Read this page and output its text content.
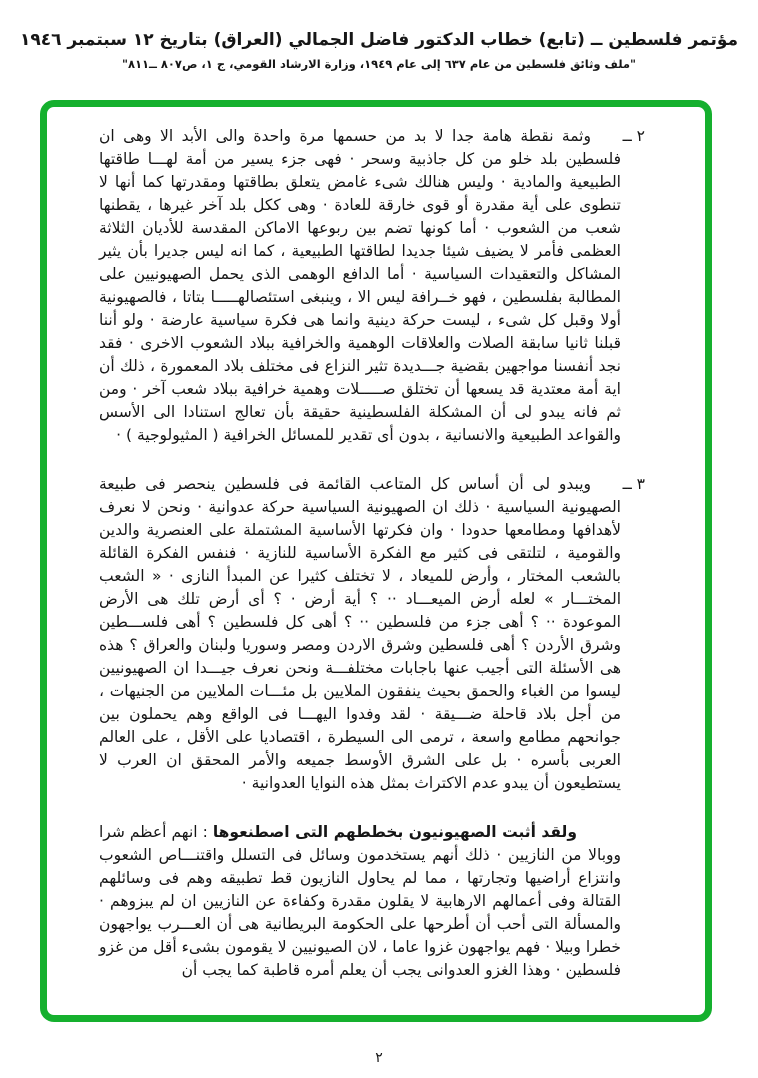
مؤتمر فلسطين ــ (تابع) خطاب الدكتور فاضل الجمالي (العراق) بتاريخ ١٢ سبتمبر ١٩٤٦
"ملف وثائق فلسطين من عام ٦٣٧ إلى عام ١٩٤٩، وزارة الارشاد القومي، ج ١، ص٨٠٧ ــ٨١١"
٢ ــ
وثمة نقطة هامة جدا لا بد من حسمها مرة واحدة والى الأبد الا وهى ان فلسطين بلد خلو من كل جاذبية وسحر · فهى جزء يسير من أمة لهـــا طاقتها الطبيعية والمادية · وليس هنالك شىء غامض يتعلق بطاقتها ومقدرتها كما أنها لا تنطوى على أية مقدرة أو قوى خارقة للعادة · وهى ككل بلد آخر غيرها ، يقطنها شعب من الشعوب · أما كونها تضم بين ربوعها الاماكن المقدسة للأديان الثلاثة العظمى فأمر لا يضيف شيئا جديدا لطاقتها الطبيعية ، كما انه ليس جديرا بأن يثير المشاكل والتعقيدات السياسية · أما الدافع الوهمى الذى يحمل الصهيونيين على المطالبة بفلسطين ، فهو خــرافة ليس الا ، وينبغى استئصالهـــــا بتاتا ، فالصهيونية أولا وقبل كل شىء ، ليست حركة دينية وانما هى فكرة سياسية عارضة · ولو أننا قبلنا ثانيا سابقة الصلات والعلاقات الوهمية والخرافية ببلاد الشعوب الاخرى · فقد نجد أنفسنا مواجهين بقضية جـــديدة تثير النزاع فى مختلف بلاد المعمورة ، ذلك أن اية أمة معتدية قد يسعها أن تختلق صـــــلات وهمية خرافية ببلاد شعب آخر · ومن ثم فانه يبدو لى أن المشكلة الفلسطينية حقيقة بأن تعالج استنادا الى الأسس والقواعد الطبيعية والانسانية ، بدون أى تقدير للمسائل الخرافية ( المثيولوجية ) ·
٣ ــ
ويبدو لى أن أساس كل المتاعب القائمة فى فلسطين ينحصر فى طبيعة الصهيونية السياسية · ذلك ان الصهيونية السياسية حركة عدوانية · ونحن لا نعرف لأهدافها ومطامعها حدودا · وان فكرتها الأساسية المشتملة على العنصرية والدين والقومية ، لتلتقى فى كثير مع الفكرة الأساسية للنازية · فنفس الفكرة القائلة بالشعب المختار ، وأرض للميعاد ، لا تختلف كثيرا عن المبدأ النازى · « الشعب المختـــار » لعله أرض الميعـــاد ·· ؟ أية أرض · ؟ أى أرض تلك هى الأرض الموعودة ·· ؟ أهى جزء من فلسطين ·· ؟ أهى كل فلسطين ؟ أهى فلســـطين وشرق الأردن ؟ أهى فلسطين وشرق الاردن ومصر وسوريا ولبنان والعراق ؟ هذه هى الأسئلة التى أجيب عنها باجابات مختلفـــة ونحن نعرف جيـــدا ان الصهيونيين ليسوا من الغباء والحمق بحيث ينفقون الملايين بل مئـــات الملايين من الجنيهات ، من أجل بلاد قاحلة ضـــيقة · لقد وفدوا اليهـــا فى الواقع وهم يحملون بين جوانحهم مطامع واسعة ، ترمى الى السيطرة ، اقتصاديا على الأقل ، على العالم العربى بأسره · بل على الشرق الأوسط جميعه والأمر المحقق ان العرب لا يستطيعون أن يبدو عدم الاكتراث بمثل هذه النوايا العدوانية ·
ولقد أثبت الصهيونيون بخططهم التى اصطنعوها : انهم أعظم شرا ووبالا من النازيين · ذلك أنهم يستخدمون وسائل فى التسلل واقتنـــاص الشعوب وانتزاع أراضيها وتجارتها ، مما لم يحاول النازيون قط تطبيقه وهم فى وسائلهم القتالة وفى أعمالهم الارهابية لا يقلون مقدرة وكفاءة عن النازيين ان لم يبزوهم · والمسألة التى أحب أن أطرحها على الحكومة البريطانية هى أن العـــرب يواجهون خطرا وبيلا · فهم يواجهون غزوا عاما ، لان الصيونيين لا يقومون بشىء أقل من غزو فلسطين · وهذا الغزو العدوانى يجب أن يعلم أمره قاطبة كما يجب أن
٢
